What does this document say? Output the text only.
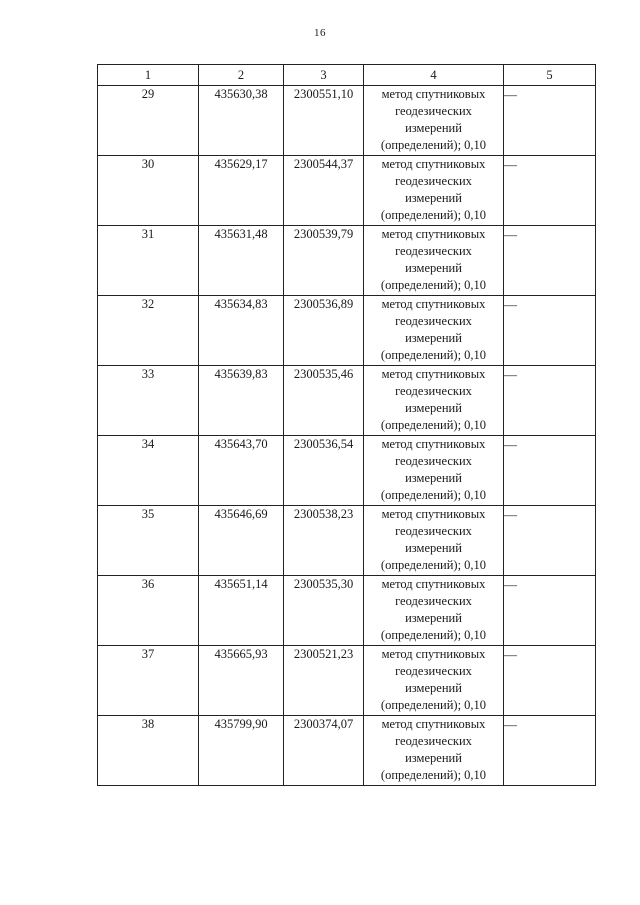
16
1	2	3	4	5
29	435630,38	2300551,10	метод спутниковых
геодезических
измерений
(определений); 0,10	—
30	435629,17	2300544,37	метод спутниковых
геодезических
измерений
(определений); 0,10	—
31	435631,48	2300539,79	метод спутниковых
геодезических
измерений
(определений); 0,10	—
32	435634,83	2300536,89	метод спутниковых
геодезических
измерений
(определений); 0,10	—
33	435639,83	2300535,46	метод спутниковых
геодезических
измерений
(определений); 0,10	—
34	435643,70	2300536,54	метод спутниковых
геодезических
измерений
(определений); 0,10	—
35	435646,69	2300538,23	метод спутниковых
геодезических
измерений
(определений); 0,10	—
36	435651,14	2300535,30	метод спутниковых
геодезических
измерений
(определений); 0,10	—
37	435665,93	2300521,23	метод спутниковых
геодезических
измерений
(определений); 0,10	—
38	435799,90	2300374,07	метод спутниковых
геодезических
измерений
(определений); 0,10	—
